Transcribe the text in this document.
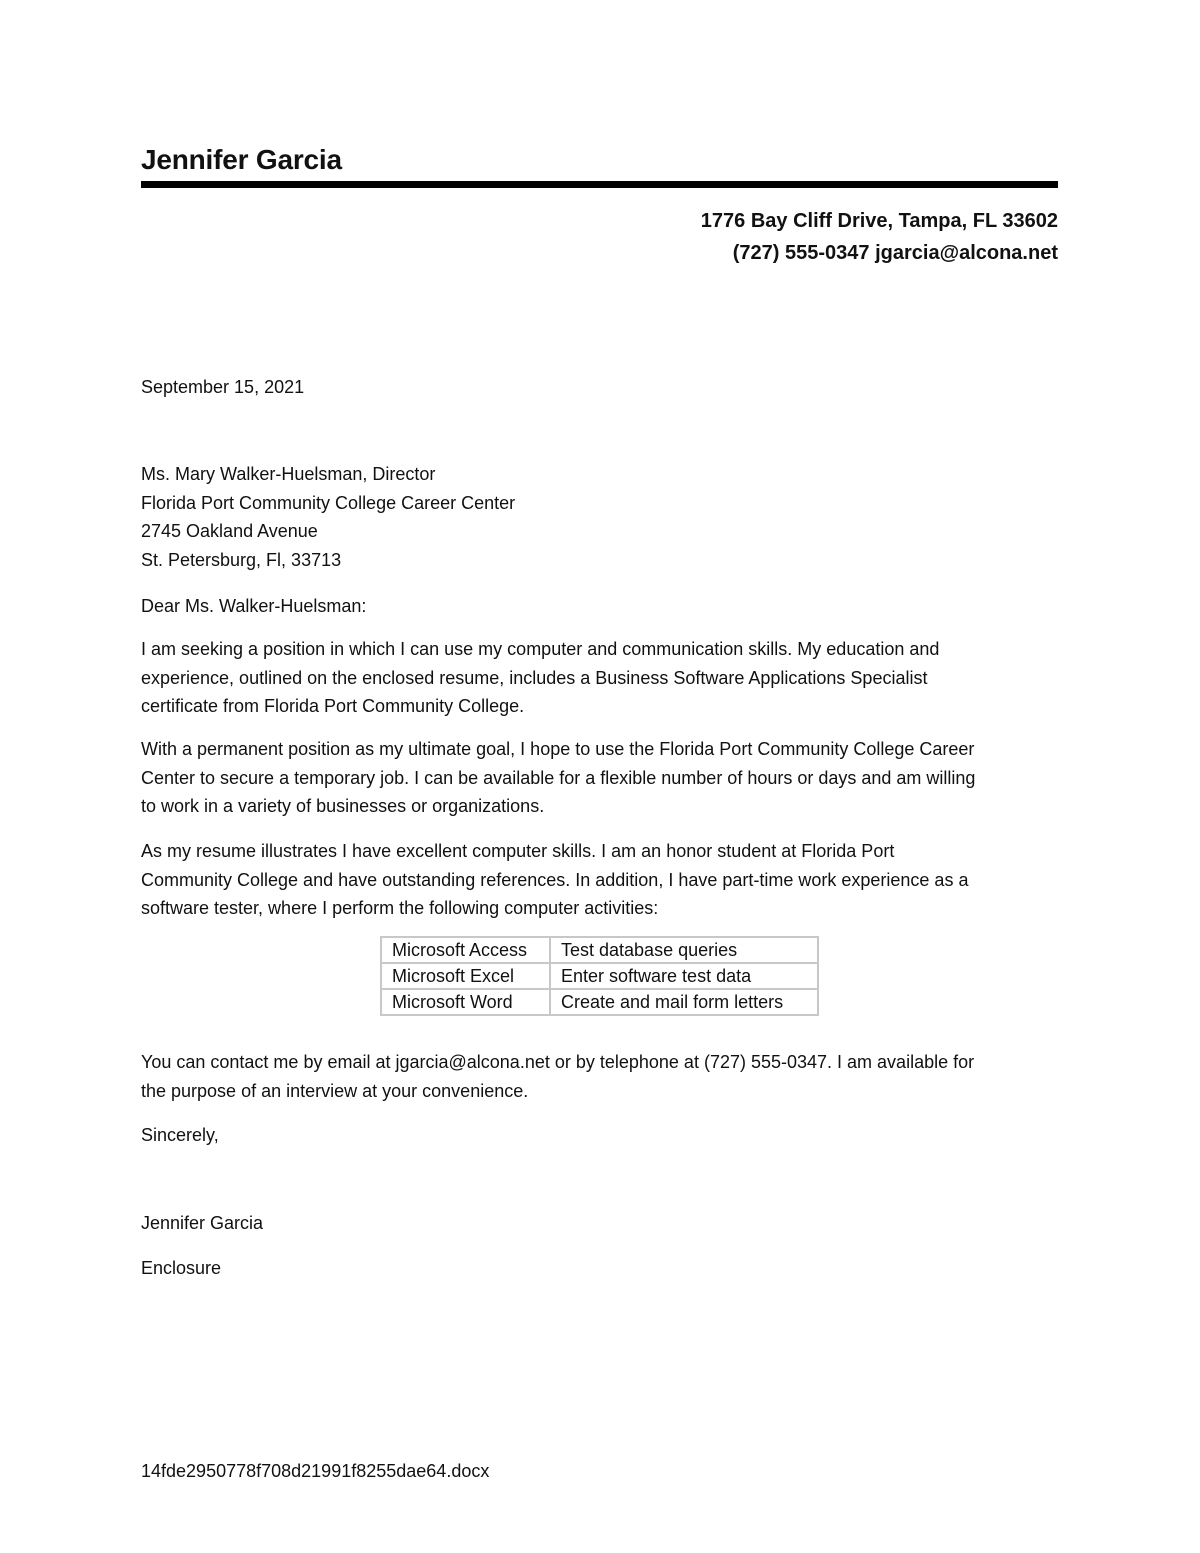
Jennifer Garcia
1776 Bay Cliff Drive, Tampa, FL 33602
(727) 555-0347 jgarcia@alcona.net
September 15, 2021
Ms. Mary Walker-Huelsman, Director
Florida Port Community College Career Center
2745 Oakland Avenue
St. Petersburg, Fl, 33713
Dear Ms. Walker-Huelsman:
I am seeking a position in which I can use my computer and communication skills. My education and
experience, outlined on the enclosed resume, includes a Business Software Applications Specialist
certificate from Florida Port Community College.
With a permanent position as my ultimate goal, I hope to use the Florida Port Community College Career
Center to secure a temporary job. I can be available for a flexible number of hours or days and am willing
to work in a variety of businesses or organizations.
As my resume illustrates I have excellent computer skills. I am an honor student at Florida Port
Community College and have outstanding references. In addition, I have part-time work experience as a
software tester, where I perform the following computer activities:
Microsoft Access	Test database queries
Microsoft Excel	Enter software test data
Microsoft Word	Create and mail form letters
You can contact me by email at jgarcia@alcona.net or by telephone at (727) 555-0347. I am available for
the purpose of an interview at your convenience.
Sincerely,
Jennifer Garcia
Enclosure
14fde2950778f708d21991f8255dae64.docx
